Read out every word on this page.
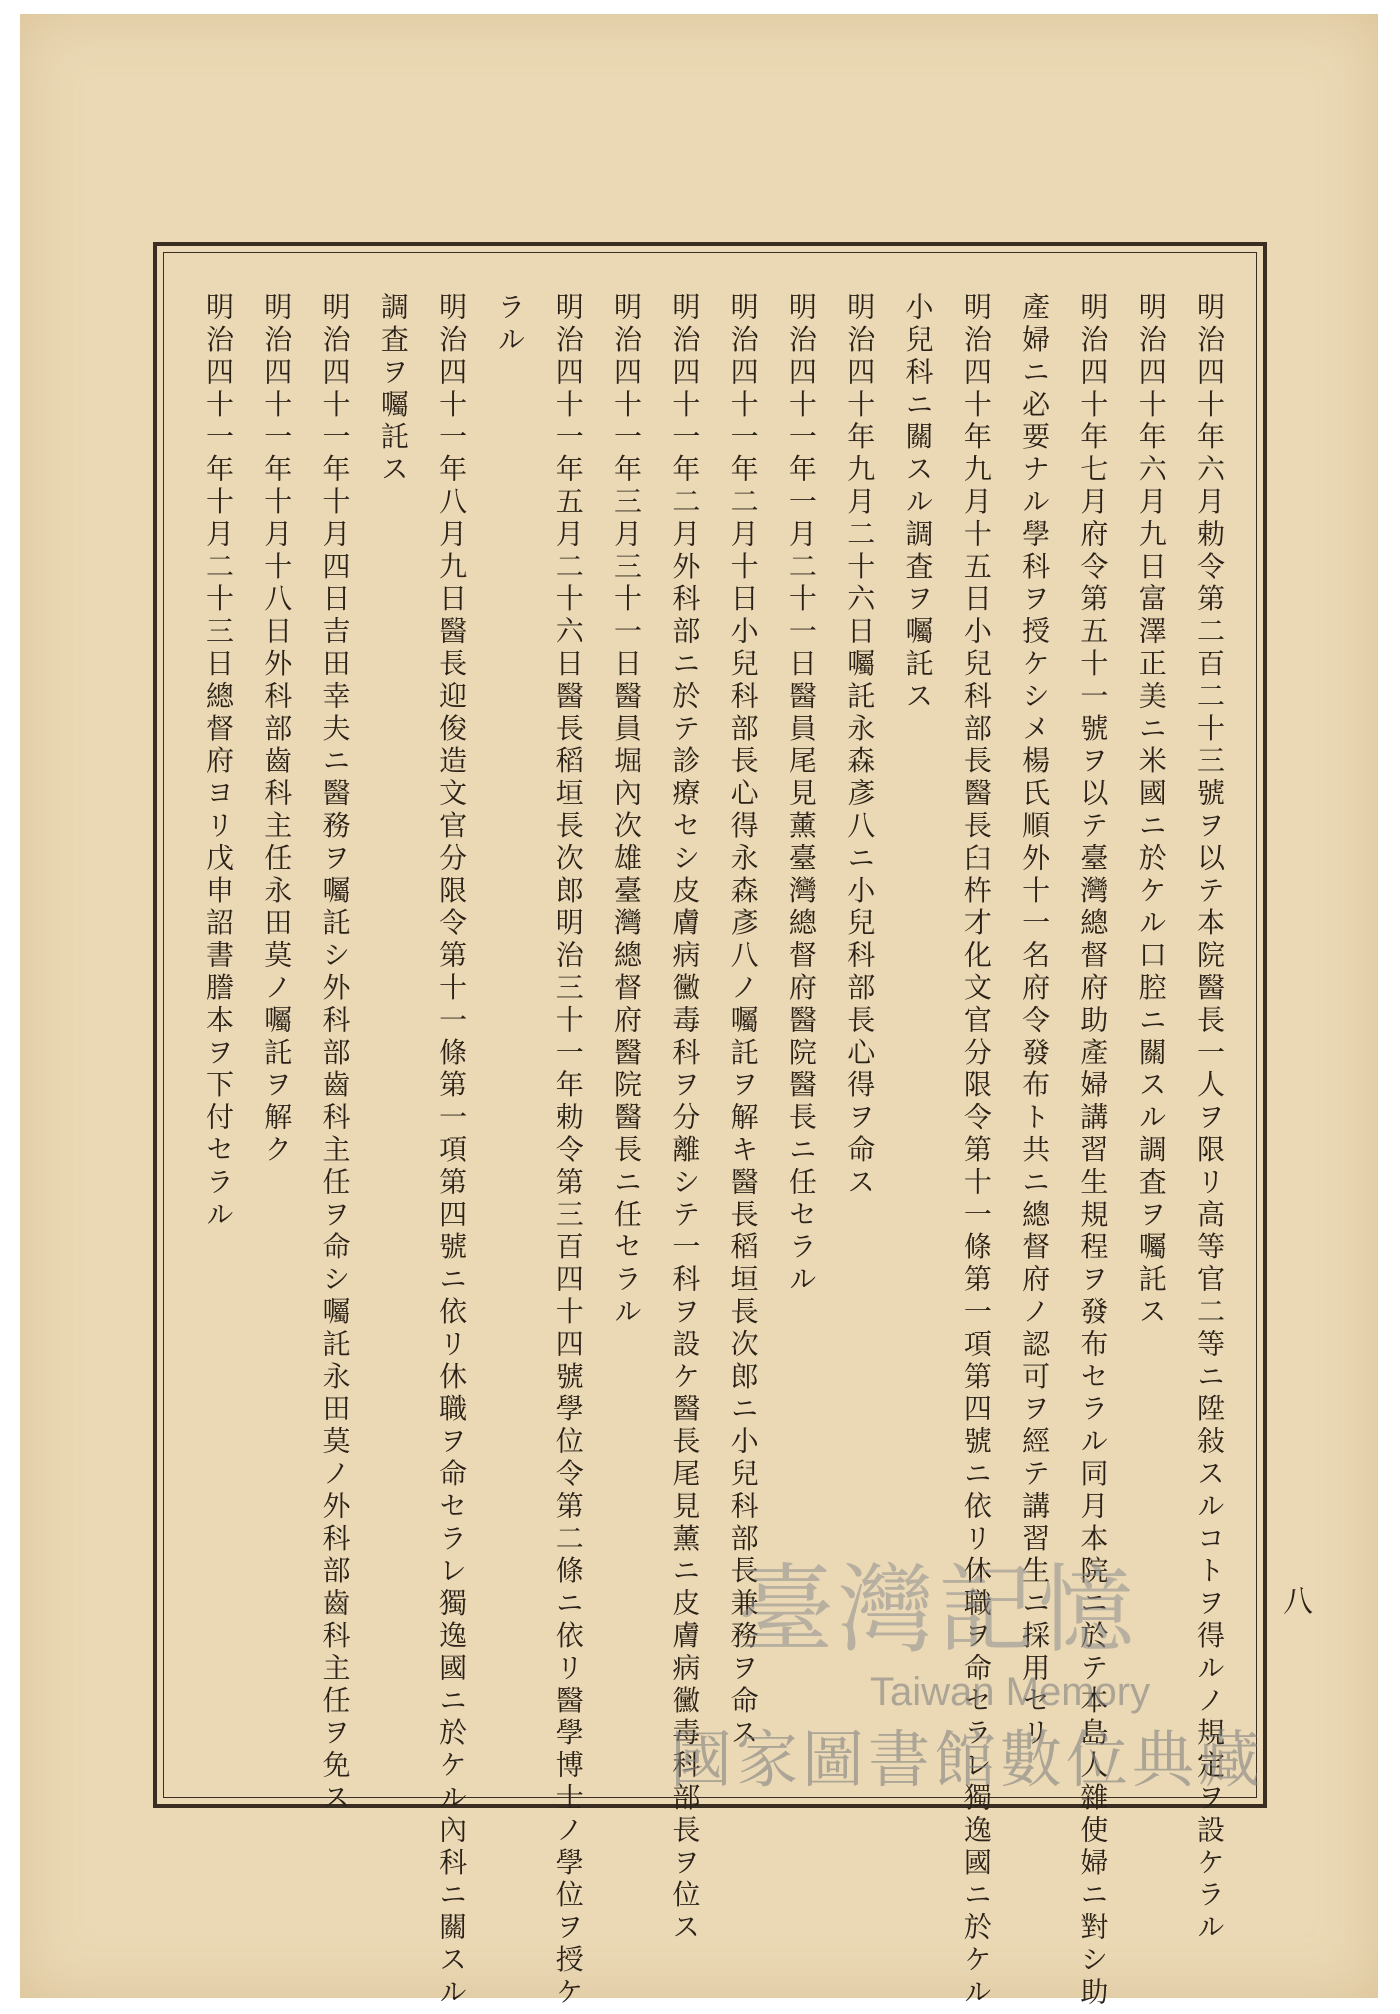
明治四十年六月勅令第二百二十三號ヲ以テ本院醫長一人ヲ限リ高等官二等ニ陞敍スルコトヲ得ルノ規定ヲ設ケラル
明治四十年六月九日富澤正美ニ米國ニ於ケル口腔ニ關スル調査ヲ囑託ス
明治四十年七月府令第五十一號ヲ以テ臺灣總督府助產婦講習生規程ヲ發布セラル同月本院ニ於テ本島人雜使婦ニ對シ助
產婦ニ必要ナル學科ヲ授ケシメ楊氏順外十一名府令發布ト共ニ總督府ノ認可ヲ經テ講習生ニ採用セリ
明治四十年九月十五日小兒科部長醫長臼杵才化文官分限令第十一條第一項第四號ニ依リ休職ヲ命セラレ獨逸國ニ於ケル
小兒科ニ關スル調査ヲ囑託ス
明治四十年九月二十六日囑託永森彥八ニ小兒科部長心得ヲ命ス
明治四十一年一月二十一日醫員尾見薰臺灣總督府醫院醫長ニ任セラル
明治四十一年二月十日小兒科部長心得永森彥八ノ囑託ヲ解キ醫長稻垣長次郎ニ小兒科部長兼務ヲ命ス
明治四十一年二月外科部ニ於テ診療セシ皮膚病黴毒科ヲ分離シテ一科ヲ設ケ醫長尾見薰ニ皮膚病黴毒科部長ヲ位ス
明治四十一年三月三十一日醫員堀內次雄臺灣總督府醫院醫長ニ任セラル
明治四十一年五月二十六日醫長稻垣長次郎明治三十一年勅令第三百四十四號學位令第二條ニ依リ醫學博士ノ學位ヲ授ケ
ラル
明治四十一年八月九日醫長迎俊造文官分限令第十一條第一項第四號ニ依リ休職ヲ命セラレ獨逸國ニ於ケル內科ニ關スル
調査ヲ囑託ス
明治四十一年十月四日吉田幸夫ニ醫務ヲ囑託シ外科部齒科主任ヲ命シ囑託永田莫ノ外科部齒科主任ヲ免ス
明治四十一年十月十八日外科部齒科主任永田莫ノ囑託ヲ解ク
明治四十一年十月二十三日總督府ヨリ戊申詔書謄本ヲ下付セラル
八
臺灣記憶
Taiwan Memory
國家圖書館數位典藏
